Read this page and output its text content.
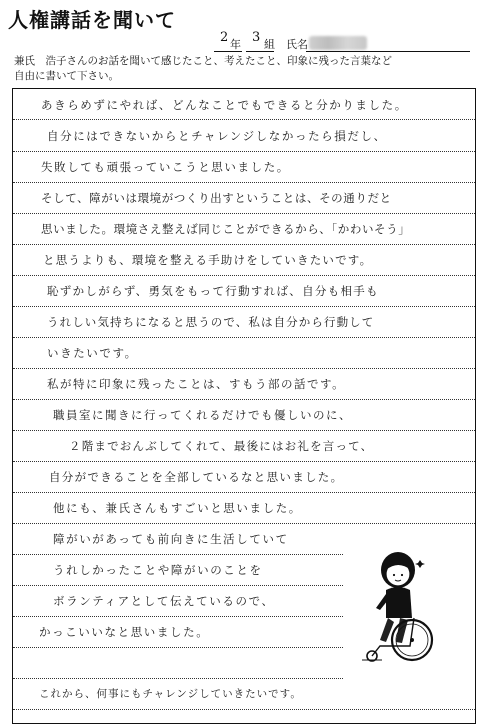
人権講話を聞いて
2 年 3 組 氏名
兼氏　浩子さんのお話を聞いて感じたこと、考えたこと、印象に残った言葉など
自由に書いて下さい。
あきらめずにやれば、どんなことでもできると分かりました。
自分にはできないからとチャレンジしなかったら損だし、
失敗しても頑張っていこうと思いました。
そして、障がいは環境がつくり出すということは、その通りだと
思いました。環境さえ整えば同じことができるから、「かわいそう」
と思うよりも、環境を整える手助けをしていきたいです。
恥ずかしがらず、勇気をもって行動すれば、自分も相手も
うれしい気持ちになると思うので、私は自分から行動して
いきたいです。
私が特に印象に残ったことは、すもう部の話です。
職員室に聞きに行ってくれるだけでも優しいのに、
２階までおんぶしてくれて、最後にはお礼を言って、
自分ができることを全部しているなと思いました。
他にも、兼氏さんもすごいと思いました。
障がいがあっても前向きに生活していて
うれしかったことや障がいのことを
ボランティアとして伝えているので、
かっこいいなと思いました。
これから、何事にもチャレンジしていきたいです。
